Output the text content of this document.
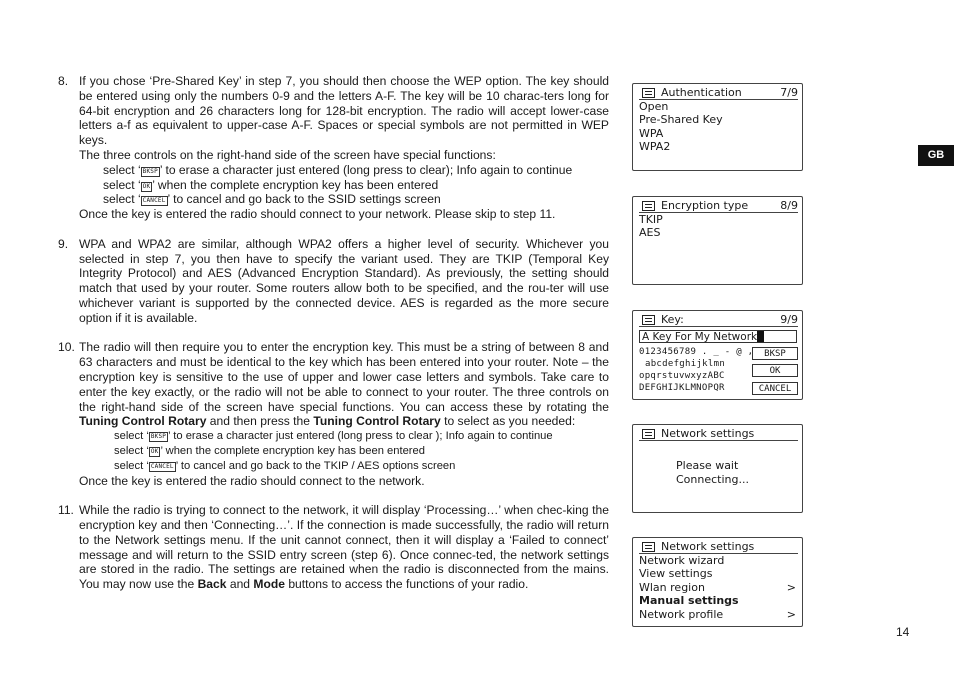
8. If you chose ‘Pre-Shared Key’ in step 7, you should then choose the WEP option. The key should be entered using only the numbers 0-9 and the letters A-F. The key will be 10 charac-ters long for 64-bit encryption and 26 characters long for 128-bit encryption. The radio will accept lower-case letters a-f as equivalent to upper-case A-F. Spaces or special symbols are not permitted in WEP keys.

The three controls on the right-hand side of the screen have special functions:

select ‘ BKSP ’ to erase a character just entered (long press to clear); Info again to continue

select ‘ OK ’ when the complete encryption key has been entered

select ‘ CANCEL ’ to cancel and go back to the SSID settings screen

Once the key is entered the radio should connect to your network. Please skip to step 11.

9. WPA and WPA2 are similar, although WPA2 offers a higher level of security. Whichever you selected in step 7, you then have to specify the variant used. They are TKIP (Temporal Key Integrity Protocol) and AES (Advanced Encryption Standard). As previously, the setting should match that used by your router. Some routers allow both to be specified, and the rou-ter will use whichever variant is supported by the connected device. AES is regarded as the more secure option if it is available.

10. The radio will then require you to enter the encryption key. This must be a string of between 8 and 63 characters and must be identical to the key which has been entered into your router. Note – the encryption key is sensitive to the use of upper and lower case letters and symbols. Take care to enter the key exactly, or the radio will not be able to connect to your router. The three controls on the right-hand side of the screen have special functions. You can access these by rotating the Tuning Control Rotary and then press the Tuning Control Rotary to select as you needed:

select ‘ BKSP ’ to erase a character just entered (long press to clear ); Info again to continue

select ‘ OK ’ when the complete encryption key has been entered

select ‘ CANCEL ’ to cancel and go back to the TKIP / AES options screen

Once the key is entered the radio should connect to the network.

11. While the radio is trying to connect to the network, it will display ‘Processing…’ when chec-king the encryption key and then ‘Connecting…’. If the connection is made successfully, the radio will return to the Network settings menu. If the unit cannot connect, then it will display a ‘Failed to connect’ message and will return to the SSID entry screen (step 6). Once connec-ted, the network settings are stored in the radio. The settings are retained when the radio is disconnected from the mains. You may now use the Back and Mode buttons to access the functions of your radio.

Authentication	7/9
Open
Pre-Shared Key
WPA
WPA2
Encryption type	8/9
TKIP
AES
Key:	9/9
A Key For My Network
0123456789 . _ - @ ,
abcdefghijklmn
opqrstuvwxyzABC
DEFGHIJKLMNOPQR
BKSP
OK
CANCEL
Network settings
Please wait
Connecting...
Network settings
Network wizard
View settings
Wlan region	>
Manual settings
Network profile	>
GB
14
